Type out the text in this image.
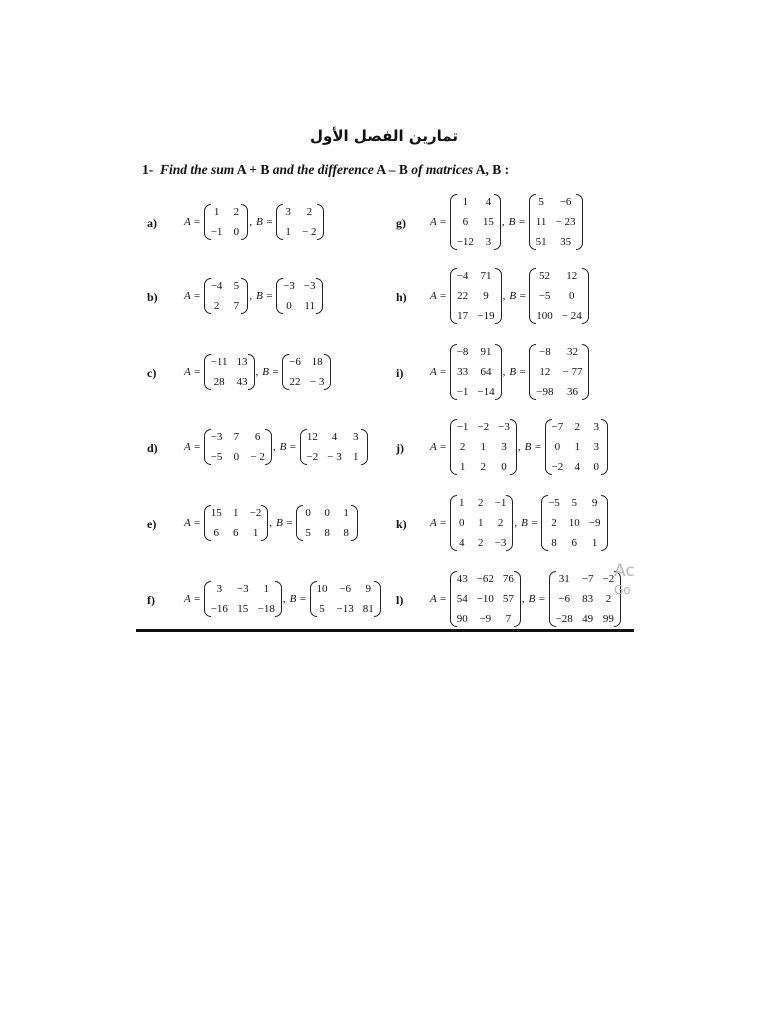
تمارين الفصل الأول
1- Find the sum A + B and the difference A – B of matrices A, B :
a) A =
1 2
−1 0
, B =
3	2
1 − 2
b) A =
−4 5
2 7
, B =
−3 −3
0 11
c)	A =
−11 13
28 43
, B =
−6 18
22 − 3
d) A =
−3 7	6
−5 0 − 2
, B =
12	4	3
−2 − 3 1
e)	A =
15 1 −2
6 6 1
, B =
0 0 1
5 8 8
f)	A =
3	−3	1
−16 15 −18
, B =
10 −6 9
5 −13 81
g) A =
1	4
6	15
−12 3
, B =
5	−6
11 − 23
51	35
h) A =
−4 71
22	9
17 −19
, B =
52	12
−5	0
100 − 24
i) A =
−8 91
33 64
−1 −14
, B =
−8	32
12 − 77
−98	36
j) A =
−1 −2 −3
2 1 3
1 2 0
, B =
−7 2 3
0 1 3
−2 4 0
k) A =
1 2 −1
0 1 2
4 2 −3
, B =
−5 5 9
2 10 −9
8 6 1
l) A =
43 −62 76
54 −10 57
90 −9 7
, B =
31 −7 −2
−6 83 2
−28 49 99
Ac
Go
